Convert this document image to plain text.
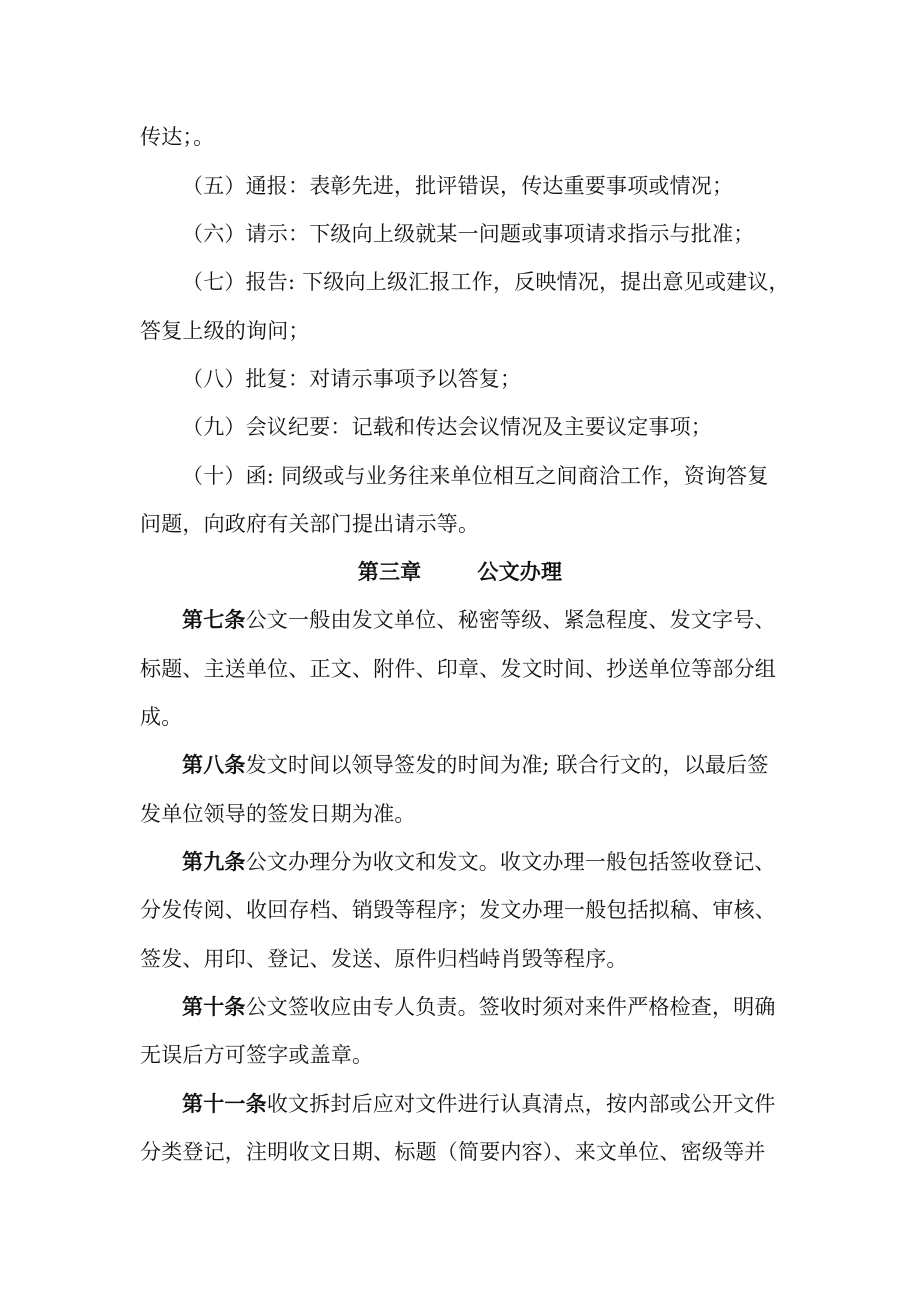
传达；。
（五）通报：表彰先进，批评错误，传达重要事项或情况；
（六）请示：下级向上级就某一问题或事项请求指示与批准；
（七）报告: 下级向上级汇报工作，反映情况，提出意见或建议，
答复上级的询问；
（八）批复：对请示事项予以答复；
（九）会议纪要：记载和传达会议情况及主要议定事项；
（十）函: 同级或与业务往来单位相互之间商洽工作，资询答复
问题，向政府有关部门提出请示等。
第三章	公文办理
第七条公文一般由发文单位、秘密等级、紧急程度、发文字号、
标题、主送单位、正文、附件、印章、发文时间、抄送单位等部分组
成。
第八条发文时间以领导签发的时间为准; 联合行文的，以最后签
发单位领导的签发日期为准。
第九条公文办理分为收文和发文。收文办理一般包括签收登记、
分发传阅、收回存档、销毁等程序；发文办理一般包括拟稿、审核、
签发、用印、登记、发送、原件归档峙肖毁等程序。
第十条公文签收应由专人负责。签收时须对来件严格检查，明确
无误后方可签字或盖章。
第十一条收文拆封后应对文件进行认真清点，按内部或公开文件
分类登记，注明收文日期、标题（简要内容）、来文单位、密级等并
